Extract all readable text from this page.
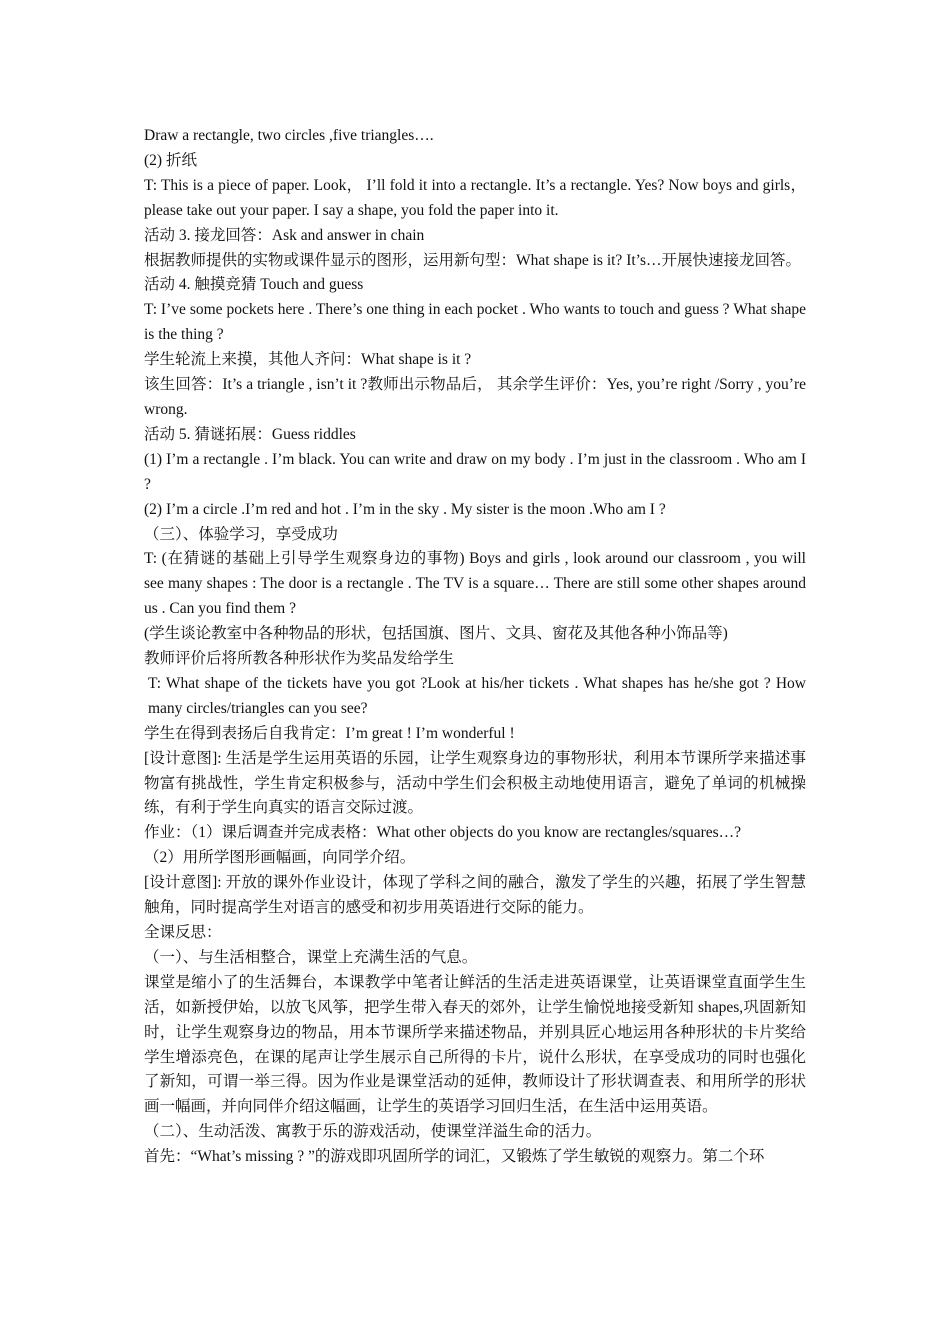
Draw a rectangle, two circles ,five triangles….

(2) 折纸

T: This is a piece of paper. Look， I’ll fold it into a rectangle. It’s a rectangle. Yes? Now boys and girls， please take out your paper. I say a shape, you fold the paper into it.

活动 3. 接龙回答：Ask and answer in chain

根据教师提供的实物或课件显示的图形，运用新句型：What shape is it? It’s…开展快速接龙回答。

活动 4. 触摸竞猜 Touch and guess

T: I’ve some pockets here . There’s one thing in each pocket . Who wants to touch and guess ? What shape is the thing ?

学生轮流上来摸，其他人齐问：What shape is it ?

该生回答：It’s a triangle , isn’t it ?教师出示物品后， 其余学生评价：Yes, you’re right /Sorry , you’re wrong.

活动 5. 猜谜拓展：Guess riddles

(1) I’m a rectangle . I’m black. You can write and draw on my body . I’m just in the classroom . Who am I ?

(2) I’m a circle .I’m red and hot . I’m in the sky . My sister is the moon .Who am I ?

（三）、体验学习，享受成功

T: (在猜谜的基础上引导学生观察身边的事物) Boys and girls , look around our classroom , you will see many shapes : The door is a rectangle . The TV is a square… There are still some other shapes around us . Can you find them ?

(学生谈论教室中各种物品的形状，包括国旗、图片、文具、窗花及其他各种小饰品等)

教师评价后将所教各种形状作为奖品发给学生

T: What shape of the tickets have you got ?Look at his/her tickets . What shapes has he/she got ? How many circles/triangles can you see?

学生在得到表扬后自我肯定：I’m great ! I’m wonderful !

[设计意图]: 生活是学生运用英语的乐园，让学生观察身边的事物形状，利用本节课所学来描述事物富有挑战性，学生肯定积极参与，活动中学生们会积极主动地使用语言，避免了单词的机械操练，有利于学生向真实的语言交际过渡。

作业：（1）课后调查并完成表格：What other objects do you know are rectangles/squares…?

（2）用所学图形画幅画，向同学介绍。

[设计意图]: 开放的课外作业设计，体现了学科之间的融合，激发了学生的兴趣，拓展了学生智慧触角，同时提高学生对语言的感受和初步用英语进行交际的能力。

全课反思：

（一）、与生活相整合，课堂上充满生活的气息。

课堂是缩小了的生活舞台，本课教学中笔者让鲜活的生活走进英语课堂，让英语课堂直面学生生活，如新授伊始，以放飞风筝，把学生带入春天的郊外，让学生愉悦地接受新知 shapes,巩固新知时，让学生观察身边的物品，用本节课所学来描述物品，并别具匠心地运用各种形状的卡片奖给学生增添亮色，在课的尾声让学生展示自己所得的卡片，说什么形状，在享受成功的同时也强化了新知，可谓一举三得。因为作业是课堂活动的延伸，教师设计了形状调查表、和用所学的形状画一幅画，并向同伴介绍这幅画，让学生的英语学习回归生活，在生活中运用英语。

（二）、生动活泼、寓教于乐的游戏活动，使课堂洋溢生命的活力。

首先：“What’s missing ? ”的游戏即巩固所学的词汇，又锻炼了学生敏锐的观察力。第二个环
